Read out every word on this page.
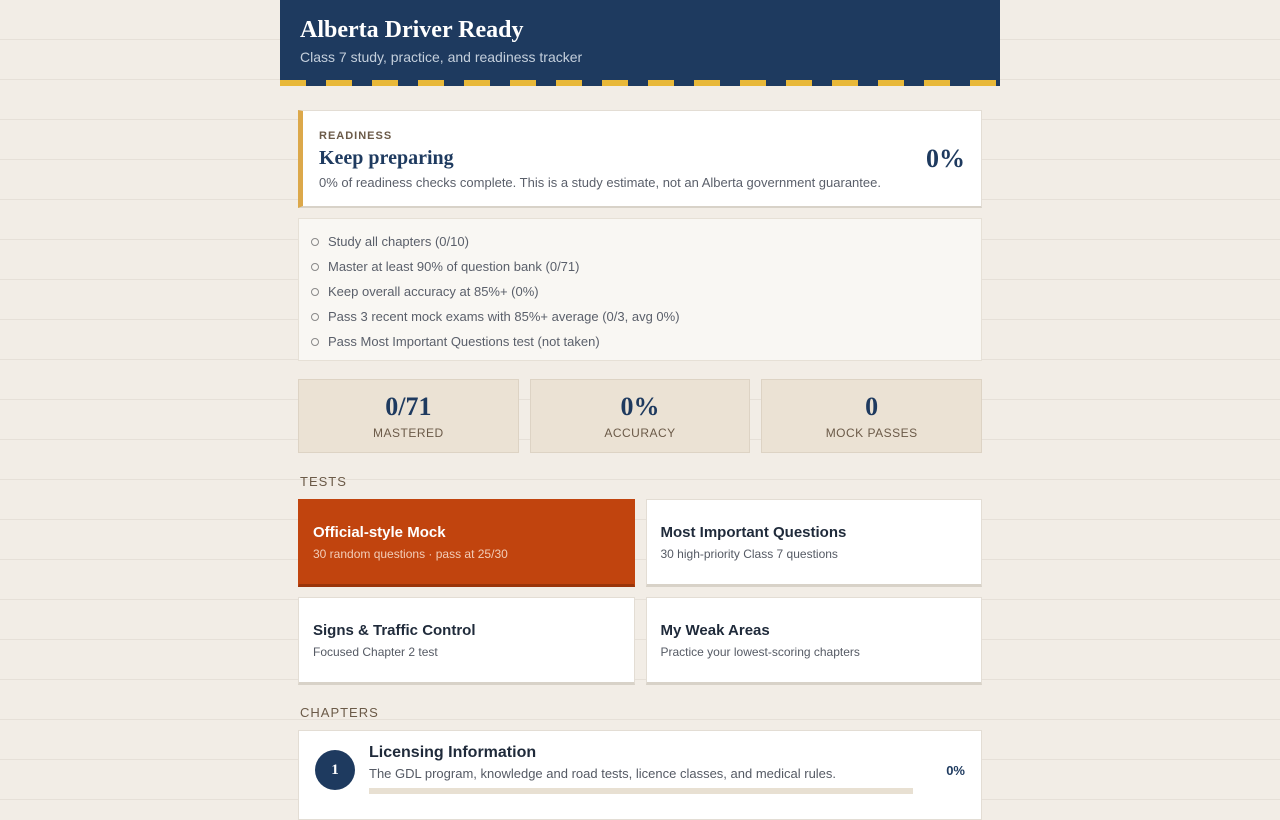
Alberta Driver Ready
Class 7 study, practice, and readiness tracker
READINESS
Keep preparing
0% of readiness checks complete. This is a study estimate, not an Alberta government guarantee.
0%
Study all chapters (0/10)
Master at least 90% of question bank (0/71)
Keep overall accuracy at 85%+ (0%)
Pass 3 recent mock exams with 85%+ average (0/3, avg 0%)
Pass Most Important Questions test (not taken)
0/71
MASTERED
0%
ACCURACY
0
MOCK PASSES
TESTS
Official-style Mock
30 random questions · pass at 25/30
Most Important Questions
30 high-priority Class 7 questions
Signs & Traffic Control
Focused Chapter 2 test
My Weak Areas
Practice your lowest-scoring chapters
CHAPTERS
1
Licensing Information
The GDL program, knowledge and road tests, licence classes, and medical rules.	0%
